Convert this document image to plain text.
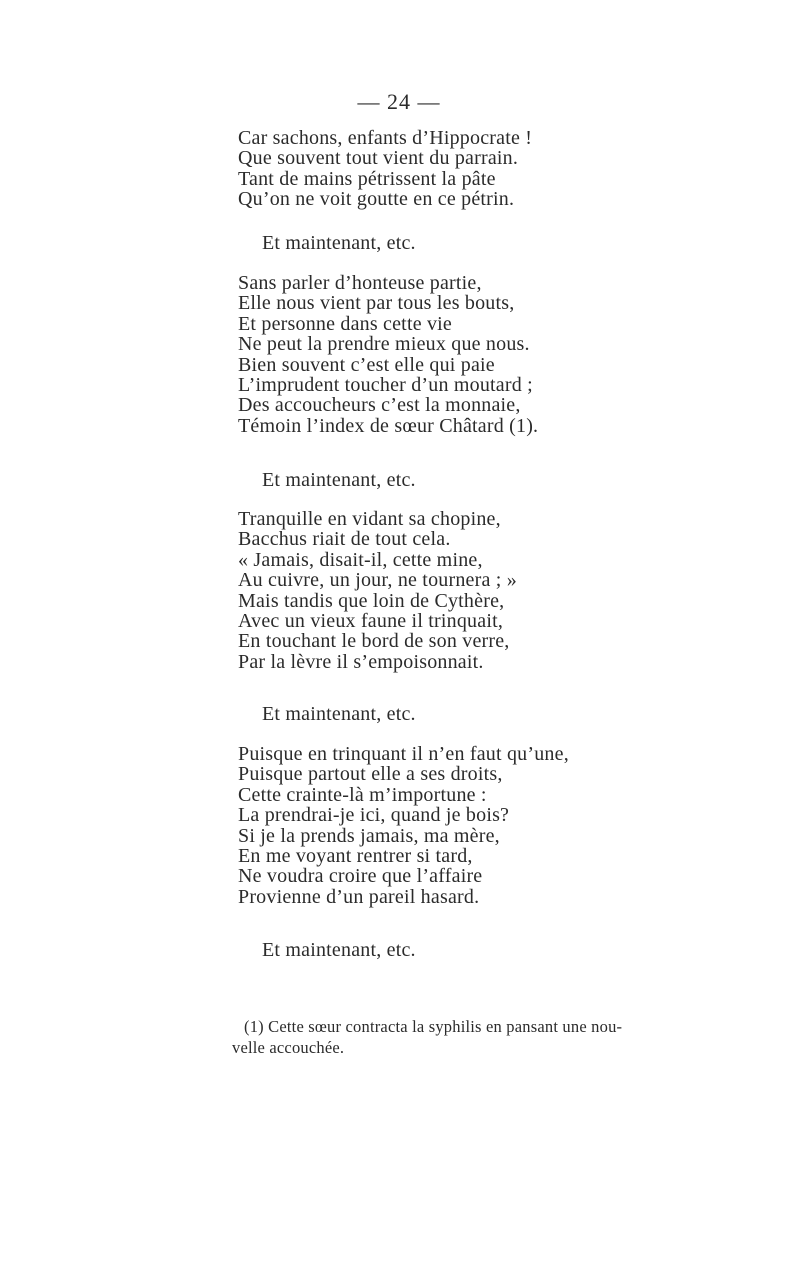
— 24 —
Car sachons, enfants d’Hippocrate !
Que souvent tout vient du parrain.
Tant de mains pétrissent la pâte
Qu’on ne voit goutte en ce pétrin.
Et maintenant, etc.
Sans parler d’honteuse partie,
Elle nous vient par tous les bouts,
Et personne dans cette vie
Ne peut la prendre mieux que nous.
Bien souvent c’est elle qui paie
L’imprudent toucher d’un moutard ;
Des accoucheurs c’est la monnaie,
Témoin l’index de sœur Châtard (1).
Et maintenant, etc.
Tranquille en vidant sa chopine,
Bacchus riait de tout cela.
« Jamais, disait-il, cette mine,
Au cuivre, un jour, ne tournera ; »
Mais tandis que loin de Cythère,
Avec un vieux faune il trinquait,
En touchant le bord de son verre,
Par la lèvre il s’empoisonnait.
Et maintenant, etc.
Puisque en trinquant il n’en faut qu’une,
Puisque partout elle a ses droits,
Cette crainte-là m’importune :
La prendrai-je ici, quand je bois?
Si je la prends jamais, ma mère,
En me voyant rentrer si tard,
Ne voudra croire que l’affaire
Provienne d’un pareil hasard.
Et maintenant, etc.
(1) Cette sœur contracta la syphilis en pansant une nou-
velle accouchée.
